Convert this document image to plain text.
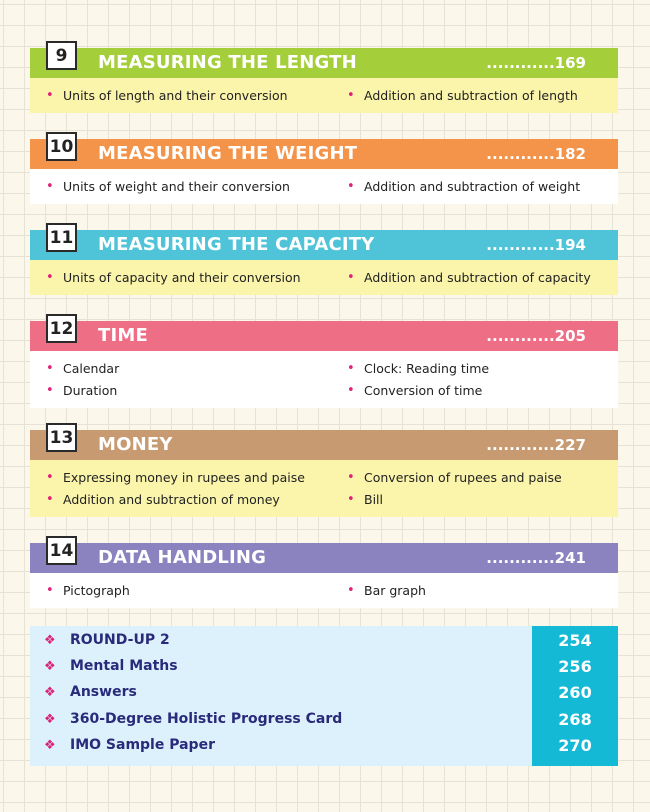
9	MEASURING THE LENGTH	............169
• Units of length and their conversion	• Addition and subtraction of length
10 MEASURING THE WEIGHT	............182
• Units of weight and their conversion	• Addition and subtraction of weight
11 MEASURING THE CAPACITY	............194
• Units of capacity and their conversion	• Addition and subtraction of capacity
12 TIME	............205
• Calendar	• Clock: Reading time
• Duration	• Conversion of time
13 MONEY	............227
• Expressing money in rupees and paise	• Conversion of rupees and paise
• Addition and subtraction of money	• Bill
14 DATA HANDLING	............241
• Pictograph	• Bar graph
❖ ROUND-UP 2	254
❖ Mental Maths	256
❖ Answers	260
❖ 360-Degree Holistic Progress Card	268
❖ IMO Sample Paper	270
